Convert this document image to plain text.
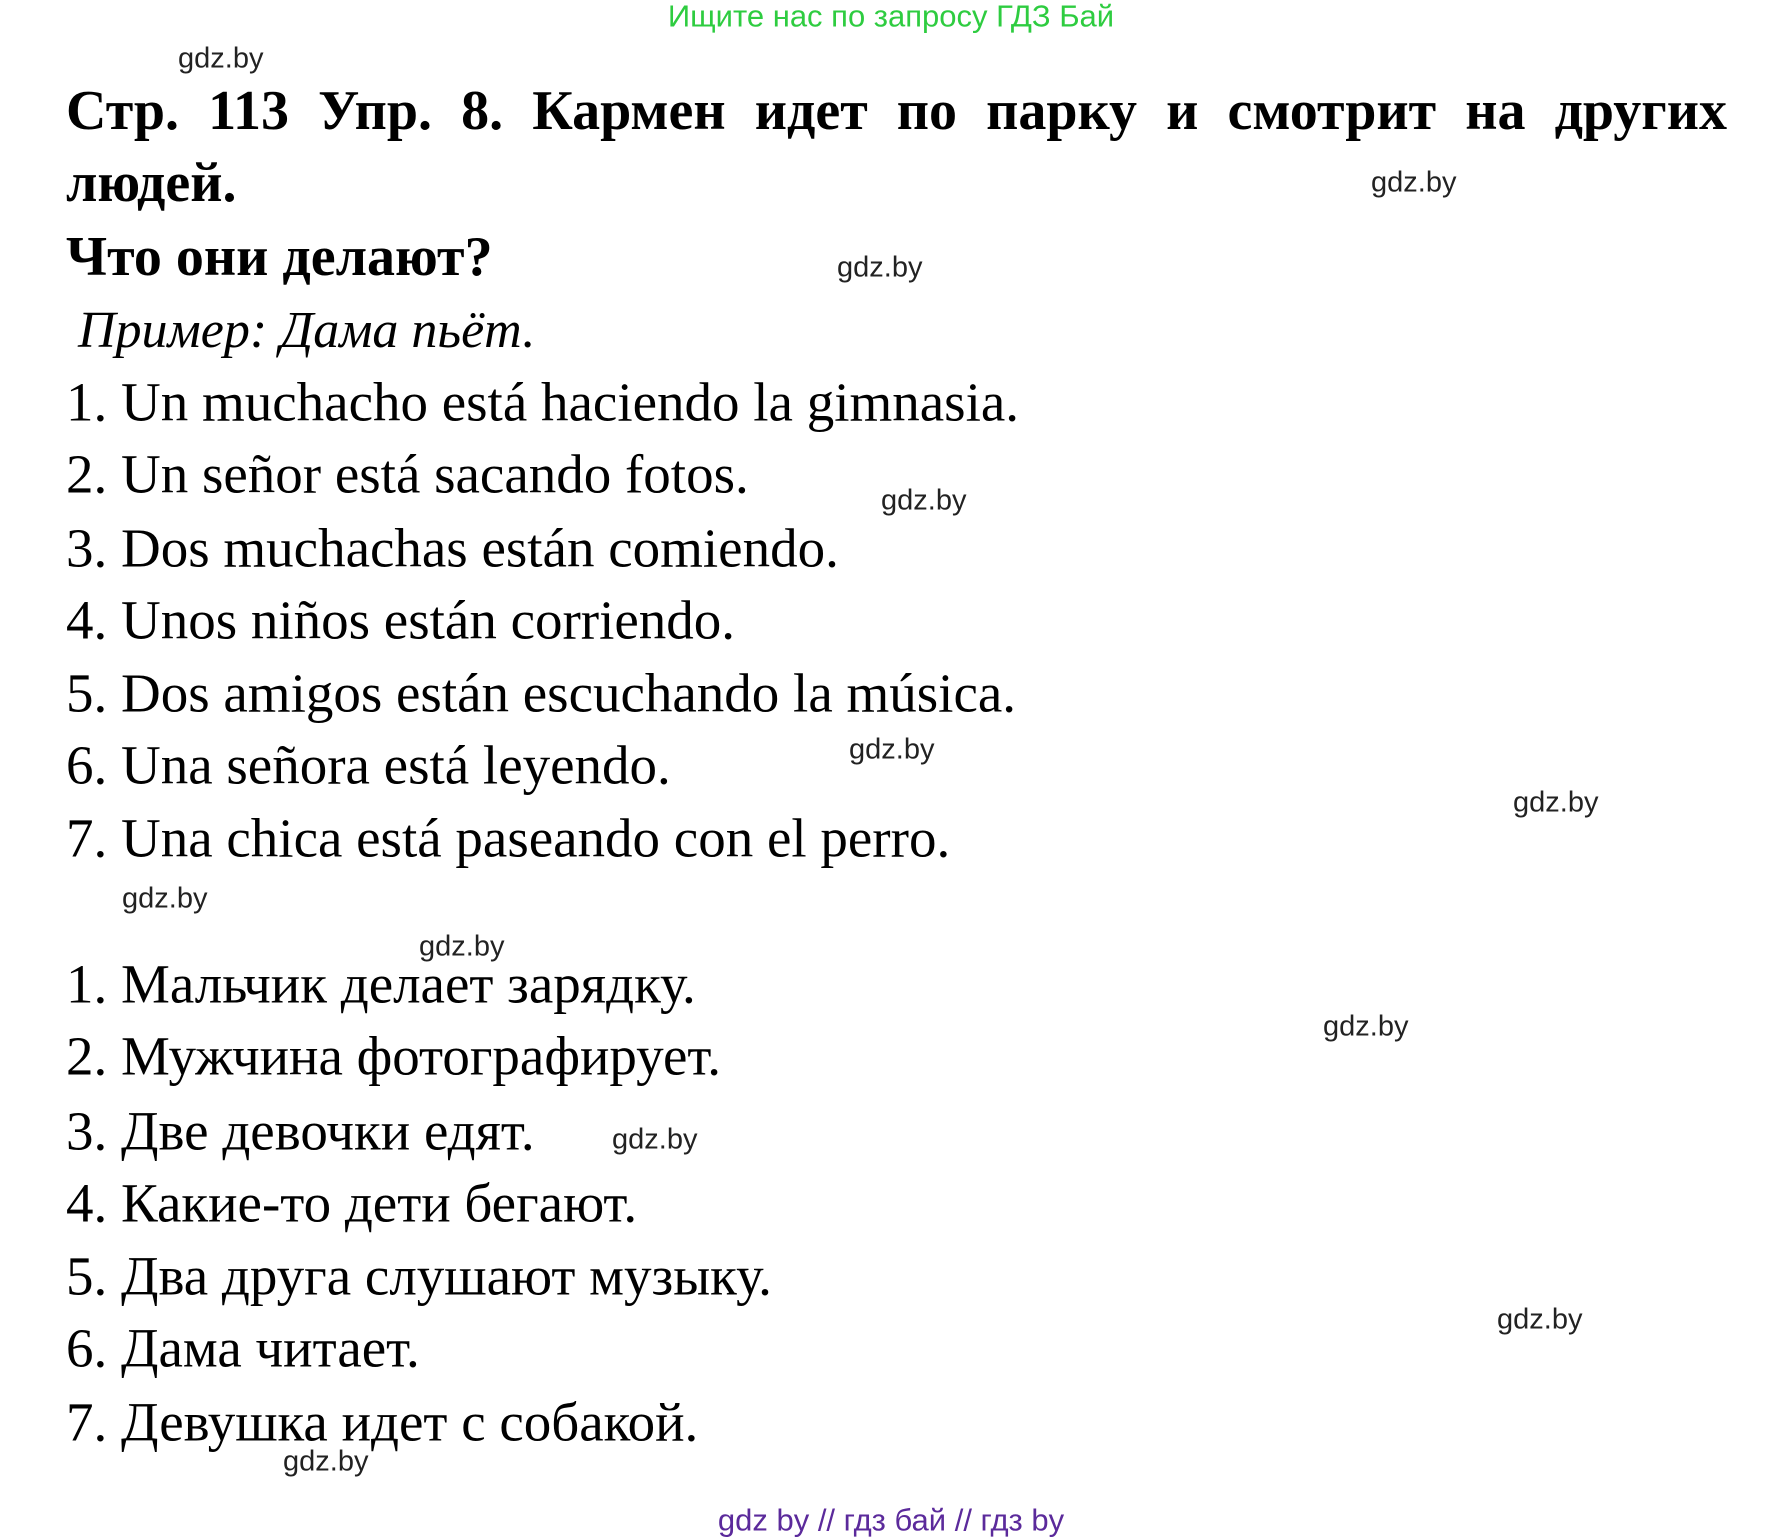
Ищите нас по запросу ГДЗ Бай
Стр. 113 Упр. 8. Кармен идет по парку и смотрит на других
людей.
Что они делают?
Пример: Дама пьёт.
1. Un muchacho está haciendo la gimnasia.
2. Un señor está sacando fotos.
3. Dos muchachas están comiendo.
4. Unos niños están corriendo.
5. Dos amigos están escuchando la música.
6. Una señora está leyendo.
7. Una chica está paseando con el perro.
1. Мальчик делает зарядку.
2. Мужчина фотографирует.
3. Две девочки едят.
4. Какие-то дети бегают.
5. Два друга слушают музыку.
6. Дама читает.
7. Девушка идет с собакой.
gdz.by
gdz.by
gdz.by
gdz.by
gdz.by
gdz.by
gdz.by
gdz.by
gdz.by
gdz.by
gdz.by
gdz.by
gdz by // гдз бай // гдз by
